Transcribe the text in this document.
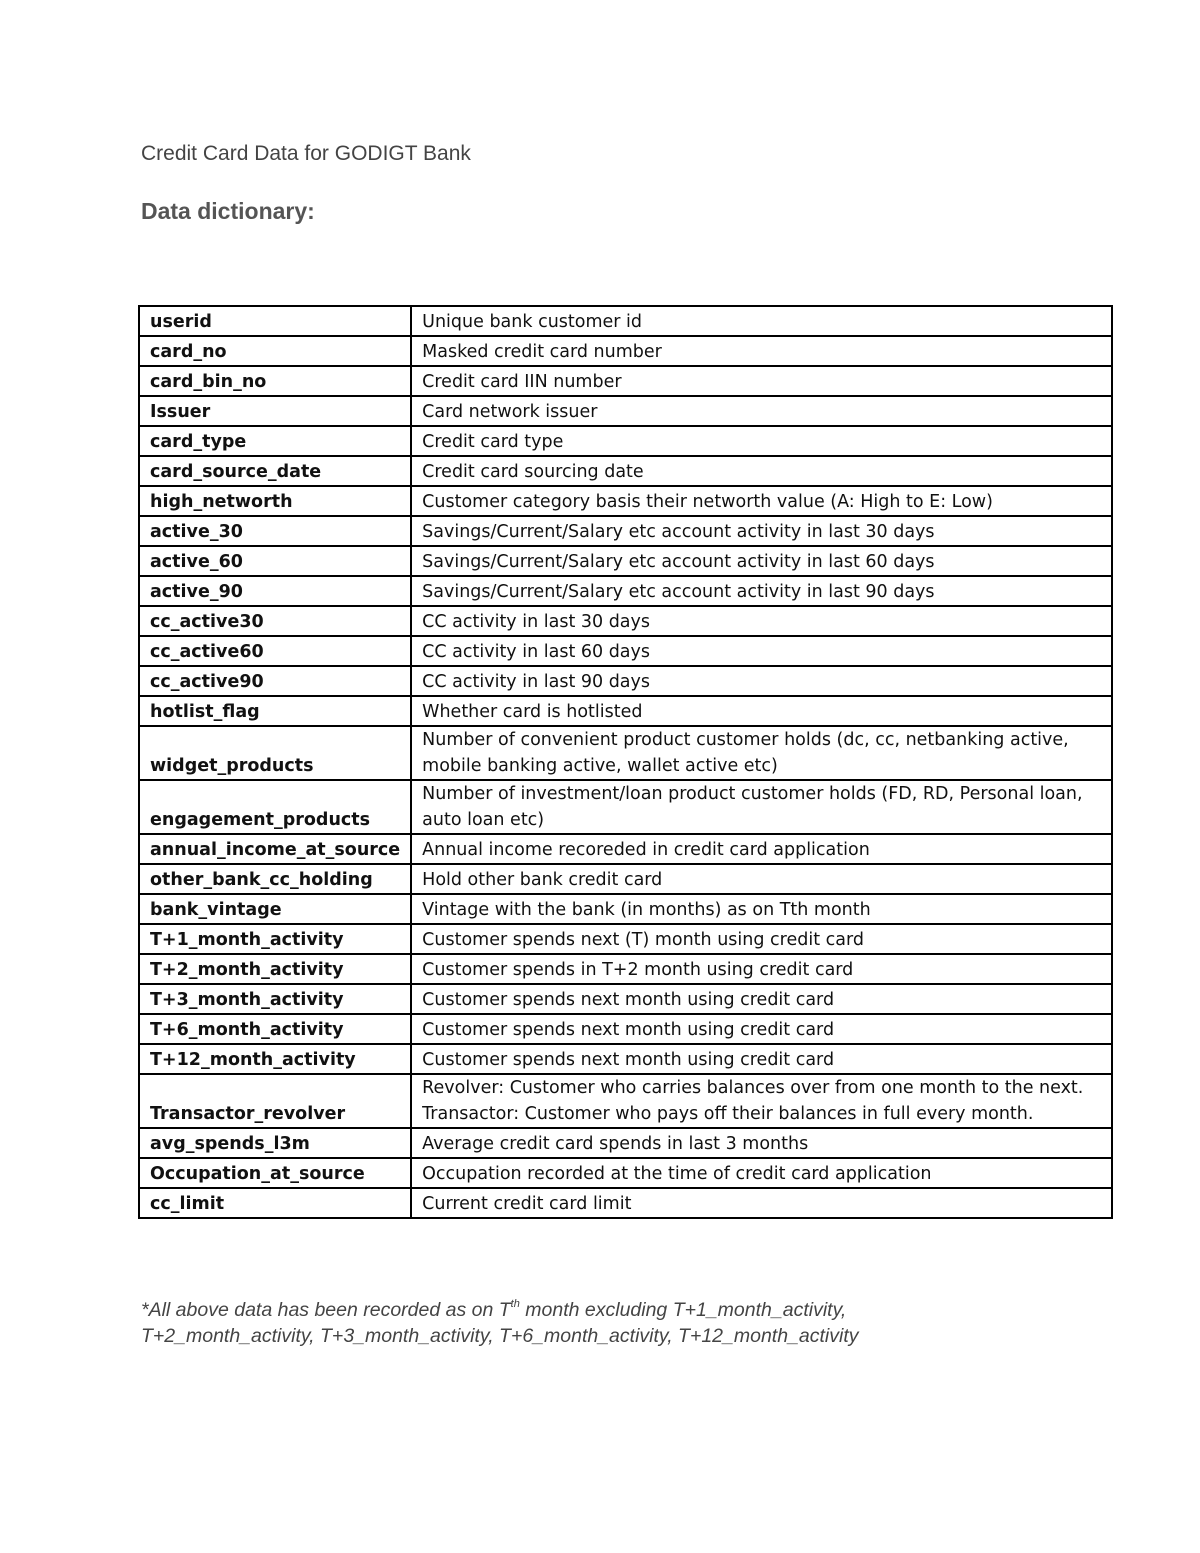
Credit Card Data for GODIGT Bank
Data dictionary:
userid	Unique bank customer id

card_no	Masked credit card number

card_bin_no	Credit card IIN number

Issuer	Card network issuer

card_type	Credit card type

card_source_date	Credit card sourcing date

high_networth	Customer category basis their networth value (A: High to E: Low)

active_30	Savings/Current/Salary etc account activity in last 30 days

active_60	Savings/Current/Salary etc account activity in last 60 days

active_90	Savings/Current/Salary etc account activity in last 90 days

cc_active30	CC activity in last 30 days

cc_active60	CC activity in last 60 days

cc_active90	CC activity in last 90 days

hotlist_flag	Whether card is hotlisted

widget_products	Number of convenient product customer holds (dc, cc, netbanking active,
mobile banking active, wallet active etc)

engagement_products	Number of investment/loan product customer holds (FD, RD, Personal loan,
auto loan etc)

annual_income_at_source	Annual income recoreded in credit card application

other_bank_cc_holding	Hold other bank credit card

bank_vintage	Vintage with the bank (in months) as on Tth month

T+1_month_activity	Customer spends next (T) month using credit card

T+2_month_activity	Customer spends in T+2 month using credit card

T+3_month_activity	Customer spends next month using credit card

T+6_month_activity	Customer spends next month using credit card

T+12_month_activity	Customer spends next month using credit card

Transactor_revolver	Revolver: Customer who carries balances over from one month to the next.
Transactor: Customer who pays off their balances in full every month.

avg_spends_l3m	Average credit card spends in last 3 months

Occupation_at_source	Occupation recorded at the time of credit card application

cc_limit	Current credit card limit
*All above data has been recorded as on $T^{th}$ month excluding T+1_month_activity,
T+2_month_activity, T+3_month_activity, T+6_month_activity, T+12_month_activity
